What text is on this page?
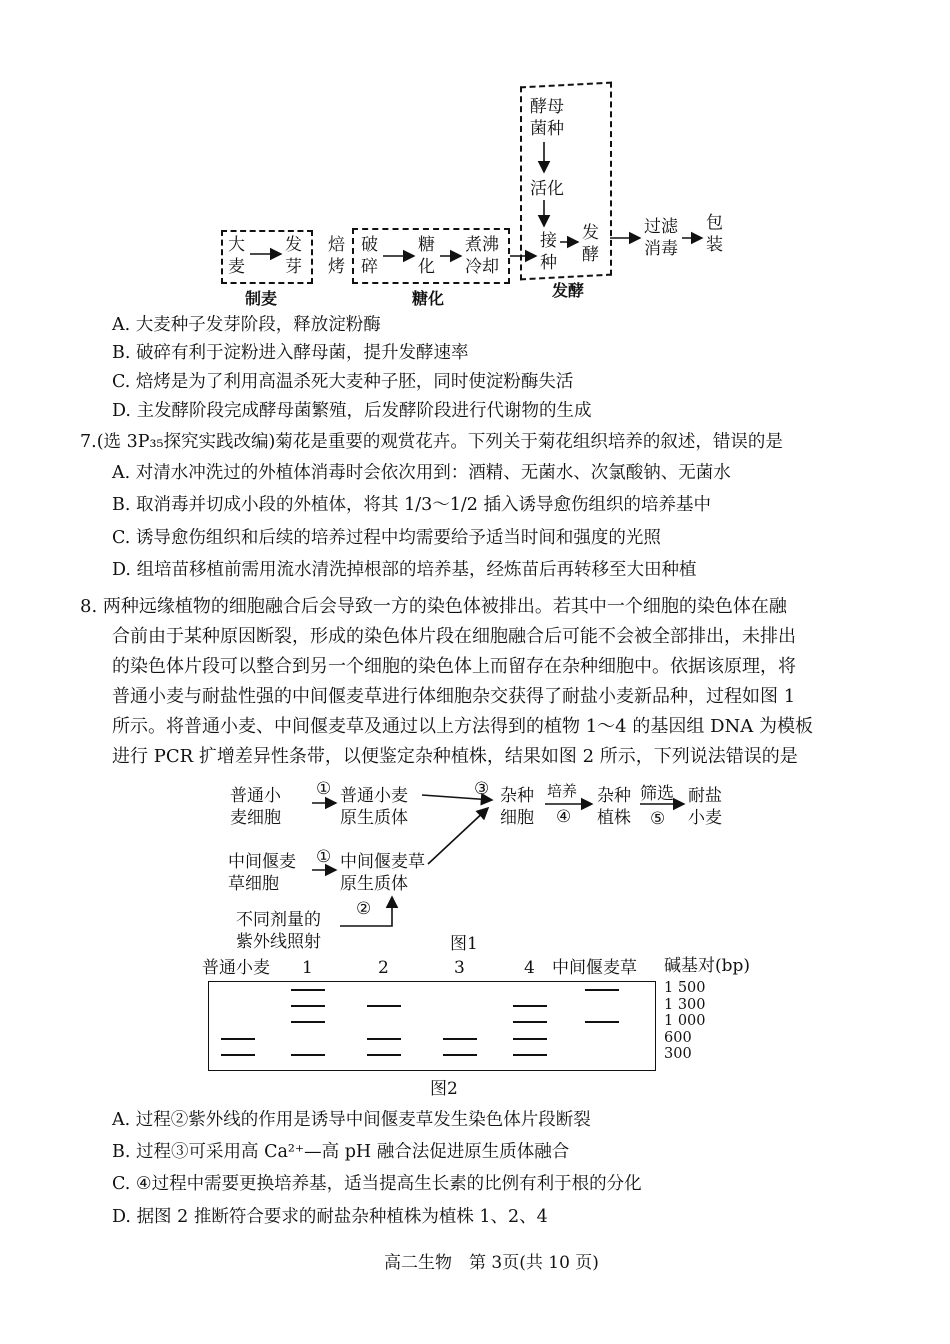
大
麦
发
芽
制麦
焙
烤
破
碎
糖
化
煮沸
冷却
糖化
酵母
菌种
活化
接
种
发
酵
发酵
过滤
消毒
包
装
A. 大麦种子发芽阶段，释放淀粉酶
B. 破碎有利于淀粉进入酵母菌，提升发酵速率
C. 焙烤是为了利用高温杀死大麦种子胚，同时使淀粉酶失活
D. 主发酵阶段完成酵母菌繁殖，后发酵阶段进行代谢物的生成
7.(选 3P₃₅探究实践改编)菊花是重要的观赏花卉。下列关于菊花组织培养的叙述，错误的是
A. 对清水冲洗过的外植体消毒时会依次用到：酒精、无菌水、次氯酸钠、无菌水
B. 取消毒并切成小段的外植体，将其 1/3～1/2 插入诱导愈伤组织的培养基中
C. 诱导愈伤组织和后续的培养过程中均需要给予适当时间和强度的光照
D. 组培苗移植前需用流水清洗掉根部的培养基，经炼苗后再转移至大田种植
8. 两种远缘植物的细胞融合后会导致一方的染色体被排出。若其中一个细胞的染色体在融
合前由于某种原因断裂，形成的染色体片段在细胞融合后可能不会被全部排出，未排出
的染色体片段可以整合到另一个细胞的染色体上而留存在杂种细胞中。依据该原理，将
普通小麦与耐盐性强的中间偃麦草进行体细胞杂交获得了耐盐小麦新品种，过程如图 1
所示。将普通小麦、中间偃麦草及通过以上方法得到的植物 1～4 的基因组 DNA 为模板
进行 PCR 扩增差异性条带，以便鉴定杂种植株，结果如图 2 所示，下列说法错误的是
普通小
麦细胞
① 普通小麦
原生质体
中间偃麦
草细胞
① 中间偃麦草
原生质体
不同剂量的
紫外线照射
②
③ 杂种
细胞
培养
④
杂种
植株
筛选
⑤
耐盐
小麦
图1
普通小麦 1	2	3	4 中间偃麦草 碱基对(bp)
1 500
1 300
1 000
600
300
图2
A. 过程②紫外线的作用是诱导中间偃麦草发生染色体片段断裂
B. 过程③可采用高 Ca²⁺—高 pH 融合法促进原生质体融合
C. ④过程中需要更换培养基，适当提高生长素的比例有利于根的分化
D. 据图 2 推断符合要求的耐盐杂种植株为植株 1、2、4
高二生物　第 3页(共 10 页)
